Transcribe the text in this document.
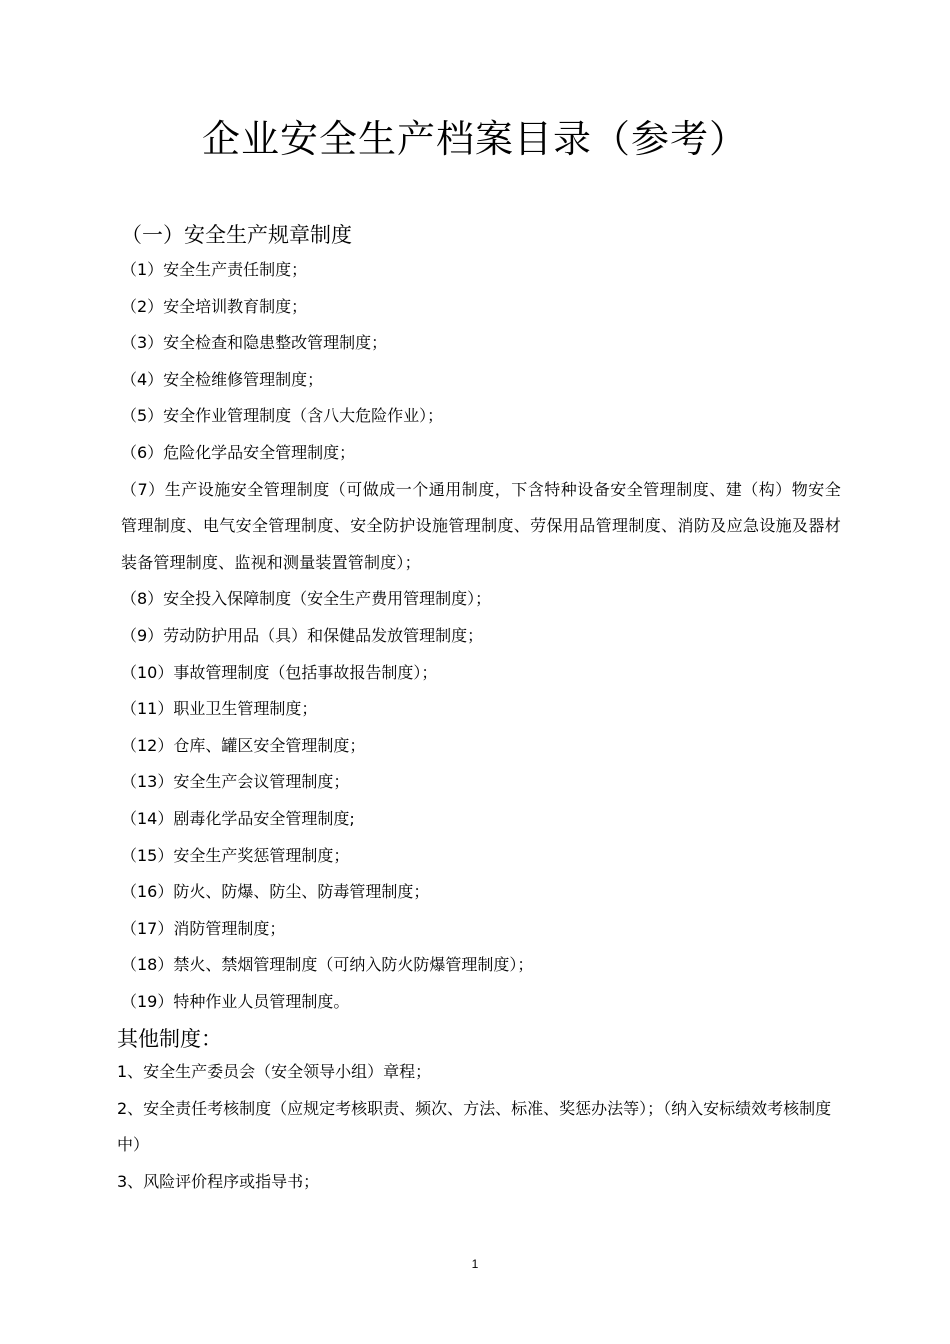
企业安全生产档案目录（参考）
（一）安全生产规章制度
（1）安全生产责任制度；
（2）安全培训教育制度；
（3）安全检查和隐患整改管理制度；
（4）安全检维修管理制度；
（5）安全作业管理制度（含八大危险作业）；
（6）危险化学品安全管理制度；
（7）生产设施安全管理制度（可做成一个通用制度，下含特种设备安全管理制度、建（构）物安全管理制度、电气安全管理制度、安全防护设施管理制度、劳保用品管理制度、消防及应急设施及器材装备管理制度、监视和测量装置管制度）；
（8）安全投入保障制度（安全生产费用管理制度）；
（9）劳动防护用品（具）和保健品发放管理制度；
（10）事故管理制度（包括事故报告制度）；
（11）职业卫生管理制度；
（12）仓库、罐区安全管理制度；
（13）安全生产会议管理制度；
（14）剧毒化学品安全管理制度;
（15）安全生产奖惩管理制度；
（16）防火、防爆、防尘、防毒管理制度；
（17）消防管理制度；
（18）禁火、禁烟管理制度（可纳入防火防爆管理制度）；
（19）特种作业人员管理制度。
其他制度：
1、安全生产委员会（安全领导小组）章程；
2、安全责任考核制度（应规定考核职责、频次、方法、标准、奖惩办法等）；（纳入安标绩效考核制度中）
3、风险评价程序或指导书；
1
